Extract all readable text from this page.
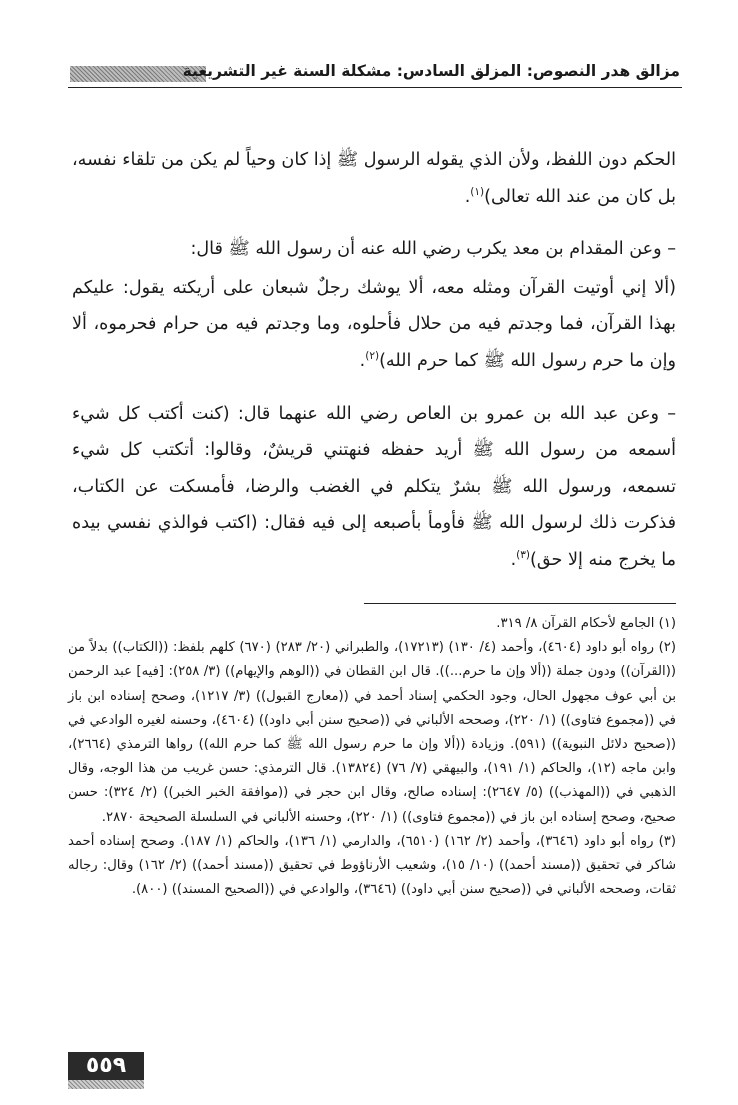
مزالق هدر النصوص: المزلق السادس: مشكلة السنة غير التشريعية

الحكم دون اللفظ، ولأن الذي يقوله الرسول ﷺ إذا كان وحياً لم يكن من تلقاء نفسه، بل كان من عند الله تعالى)$^{(١)}$.

– وعن المقدام بن معد يكرب رضي الله عنه أن رسول الله ﷺ قال:

(ألا إني أوتيت القرآن ومثله معه، ألا يوشك رجلٌ شبعان على أريكته يقول: عليكم بهذا القرآن، فما وجدتم فيه من حلال فأحلوه، وما وجدتم فيه من حرام فحرموه، ألا وإن ما حرم رسول الله ﷺ كما حرم الله)$^{(٢)}$.

– وعن عبد الله بن عمرو بن العاص رضي الله عنهما قال: (كنت أكتب كل شيء أسمعه من رسول الله ﷺ أريد حفظه فنهتني قريشٌ، وقالوا: أتكتب كل شيء تسمعه، ورسول الله ﷺ بشرٌ يتكلم في الغضب والرضا، فأمسكت عن الكتاب، فذكرت ذلك لرسول الله ﷺ فأومأ بأصبعه إلى فيه فقال: (اكتب فوالذي نفسي بيده ما يخرج منه إلا حق)$^{(٣)}$.

(١) الجامع لأحكام القرآن ٨/ ٣١٩.

(٢) رواه أبو داود (٤٦٠٤)، وأحمد (٤/ ١٣٠) (١٧٢١٣)، والطبراني (٢٠/ ٢٨٣) (٦٧٠) كلهم بلفظ: ((الكتاب)) بدلاً من ((القرآن)) ودون جملة ((ألا وإن ما حرم...)). قال ابن القطان في ((الوهم والإيهام)) (٣/ ٢٥٨): [فيه] عبد الرحمن بن أبي عوف مجهول الحال، وجود الحكمي إسناد أحمد في ((معارج القبول)) (٣/ ١٢١٧)، وصحح إسناده ابن باز في ((مجموع فتاوى)) (١/ ٢٢٠)، وصححه الألباني في ((صحيح سنن أبي داود)) (٤٦٠٤)، وحسنه لغيره الوادعي في ((صحيح دلائل النبوية)) (٥٩١). وزيادة ((ألا وإن ما حرم رسول الله ﷺ كما حرم الله)) رواها الترمذي (٢٦٦٤)، وابن ماجه (١٢)، والحاكم (١/ ١٩١)، والبيهقي (٧/ ٧٦) (١٣٨٢٤). قال الترمذي: حسن غريب من هذا الوجه، وقال الذهبي في ((المهذب)) (٥/ ٢٦٤٧): إسناده صالح، وقال ابن حجر في ((موافقة الخبر الخبر)) (٢/ ٣٢٤): حسن صحيح، وصحح إسناده ابن باز في ((مجموع فتاوى)) (١/ ٢٢٠)، وحسنه الألباني في السلسلة الصحيحة ٢٨٧٠.

(٣) رواه أبو داود (٣٦٤٦)، وأحمد (٢/ ١٦٢) (٦٥١٠)، والدارمي (١/ ١٣٦)، والحاكم (١/ ١٨٧). وصحح إسناده أحمد شاكر في تحقيق ((مسند أحمد)) (١٠/ ١٥)، وشعيب الأرناؤوط في تحقيق ((مسند أحمد)) (٢/ ١٦٢) وقال: رجاله ثقات، وصححه الألباني في ((صحيح سنن أبي داود)) (٣٦٤٦)، والوادعي في ((الصحيح المسند)) (٨٠٠).

٥٥٩
